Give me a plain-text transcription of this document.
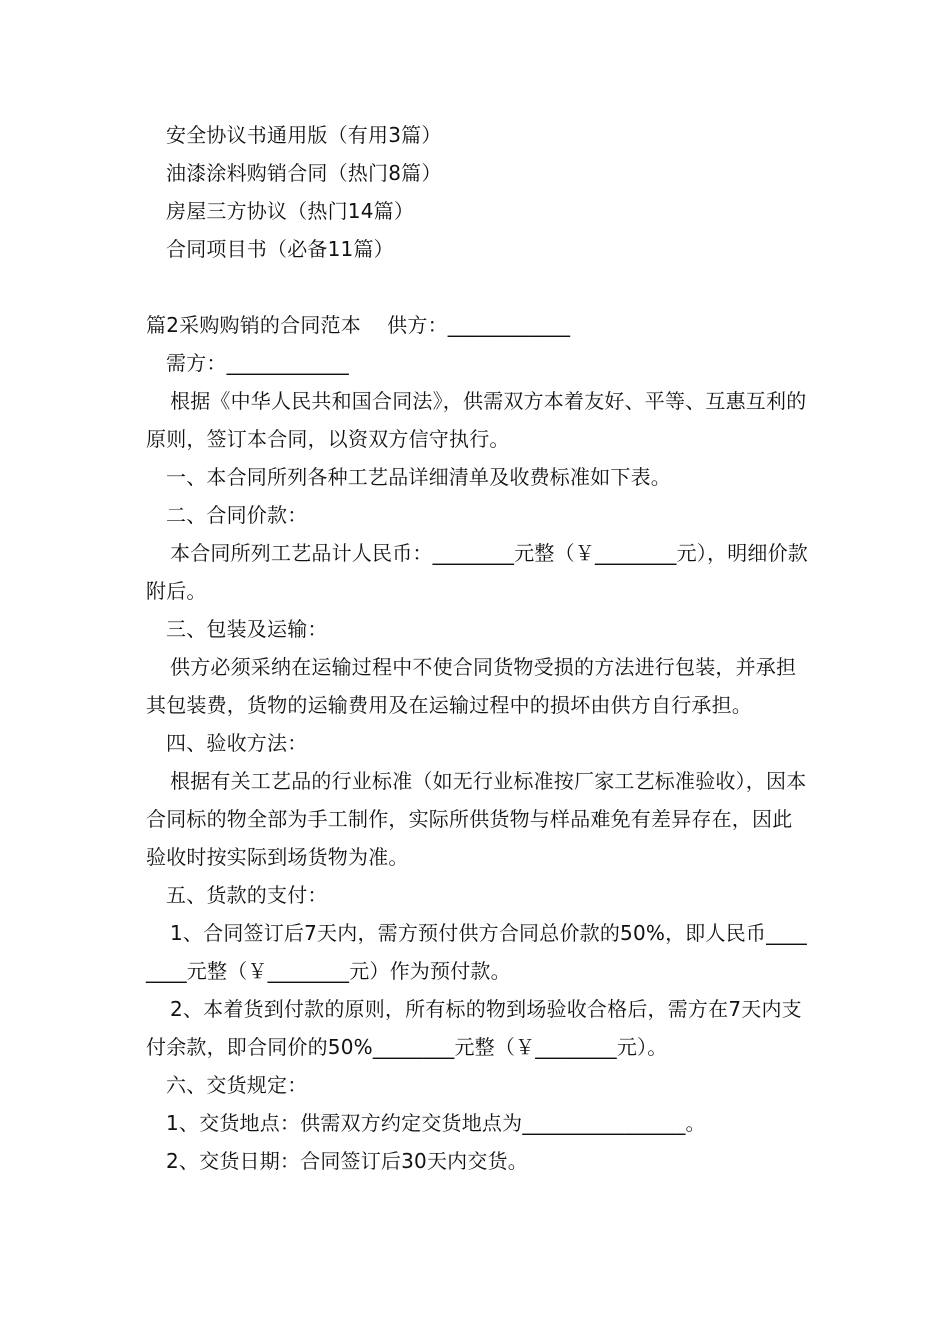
安全协议书通用版（有用3篇）

油漆涂料购销合同（热门8篇）

房屋三方协议（热门14篇）

合同项目书（必备11篇）

篇2采购购销的合同范本 供方：____________

需方：____________

根据《中华人民共和国合同法》，供需双方本着友好、平等、互惠互利的原则，签订本合同，以资双方信守执行。

一、本合同所列各种工艺品详细清单及收费标准如下表。

二、合同价款：

本合同所列工艺品计人民币：________元整（￥________元），明细价款附后。

三、包装及运输：

供方必须采纳在运输过程中不使合同货物受损的方法进行包装，并承担其包装费，货物的运输费用及在运输过程中的损坏由供方自行承担。

四、验收方法：

根据有关工艺品的行业标准（如无行业标准按厂家工艺标准验收），因本合同标的物全部为手工制作，实际所供货物与样品难免有差异存在，因此验收时按实际到场货物为准。

五、货款的支付：

1、合同签订后7天内，需方预付供方合同总价款的50%，即人民币________元整（￥________元）作为预付款。

2、本着货到付款的原则，所有标的物到场验收合格后，需方在7天内支付余款，即合同价的50%________元整（￥________元）。

六、交货规定：

1、交货地点：供需双方约定交货地点为________________。

2、交货日期：合同签订后30天内交货。
